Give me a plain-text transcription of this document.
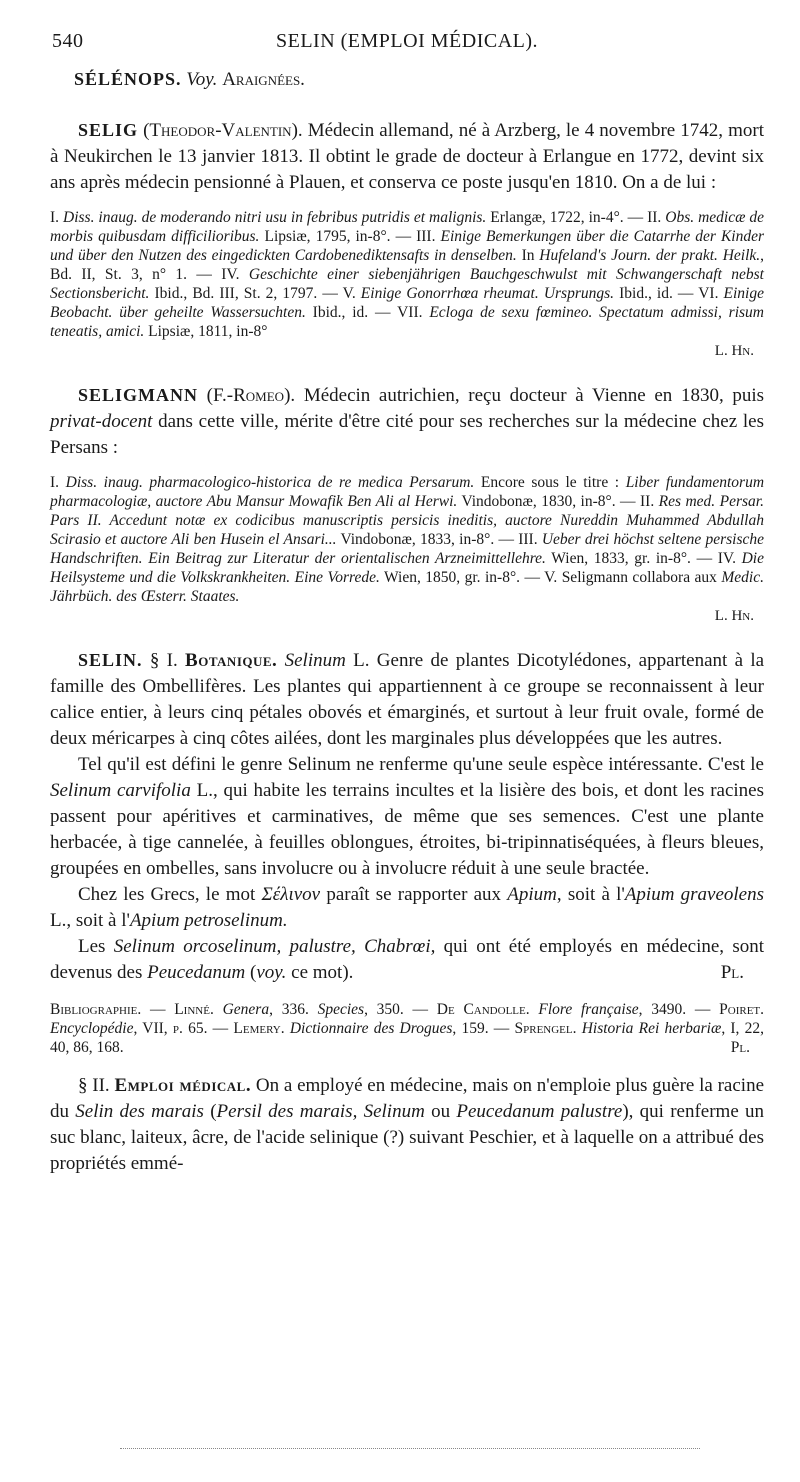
540	SELIN (EMPLOI MÉDICAL).

SÉLÉNOPS. Voy. Araignées.

SELIG (Theodor-Valentin). Médecin allemand, né à Arzberg, le 4 novembre 1742, mort à Neukirchen le 13 janvier 1813. Il obtint le grade de docteur à Erlangue en 1772, devint six ans après médecin pensionné à Plauen, et conserva ce poste jusqu'en 1810. On a de lui :

I. Diss. inaug. de moderando nitri usu in febribus putridis et malignis. Erlangæ, 1722, in-4°. — II. Obs. medicæ de morbis quibusdam difficilioribus. Lipsiæ, 1795, in-8°. — III. Einige Bemerkungen über die Catarrhe der Kinder und über den Nutzen des eingedickten Cardobenediktensafts in denselben. In Hufeland's Journ. der prakt. Heilk., Bd. II, St. 3, n° 1. — IV. Geschichte einer siebenjährigen Bauchgeschwulst mit Schwangerschaft nebst Sectionsbericht. Ibid., Bd. III, St. 2, 1797. — V. Einige Gonorrhœa rheumat. Ursprungs. Ibid., id. — VI. Einige Beobacht. über geheilte Wassersuchten. Ibid., id. — VII. Ecloga de sexu fœmineo. Spectatum admissi, risum teneatis, amici. Lipsiæ, 1811, in-8°

L. Hn.

SELIGMANN (F.-Romeo). Médecin autrichien, reçu docteur à Vienne en 1830, puis privat-docent dans cette ville, mérite d'être cité pour ses recherches sur la médecine chez les Persans :

I. Diss. inaug. pharmacologico-historica de re medica Persarum. Encore sous le titre : Liber fundamentorum pharmacologiæ, auctore Abu Mansur Mowafik Ben Ali al Herwi. Vindobonæ, 1830, in-8°. — II. Res med. Persar. Pars II. Accedunt notæ ex codicibus manuscriptis persicis ineditis, auctore Nureddin Muhammed Abdullah Scirasio et auctore Ali ben Husein el Ansari... Vindobonæ, 1833, in-8°. — III. Ueber drei höchst seltene persische Handschriften. Ein Beitrag zur Literatur der orientalischen Arzneimittellehre. Wien, 1833, gr. in-8°. — IV. Die Heilsysteme und die Volkskrankheiten. Eine Vorrede. Wien, 1850, gr. in-8°. — V. Seligmann collabora aux Medic. Jährbüch. des Œsterr. Staates.

L. Hn.

SELIN. § I. Botanique. Selinum L. Genre de plantes Dicotylédones, appartenant à la famille des Ombellifères. Les plantes qui appartiennent à ce groupe se reconnaissent à leur calice entier, à leurs cinq pétales obovés et émarginés, et surtout à leur fruit ovale, formé de deux méricarpes à cinq côtes ailées, dont les marginales plus développées que les autres.

Tel qu'il est défini le genre Selinum ne renferme qu'une seule espèce intéressante. C'est le Selinum carvifolia L., qui habite les terrains incultes et la lisière des bois, et dont les racines passent pour apéritives et carminatives, de même que ses semences. C'est une plante herbacée, à tige cannelée, à feuilles oblongues, étroites, bi-tripinnatiséquées, à fleurs bleues, groupées en ombelles, sans involucre ou à involucre réduit à une seule bractée.

Chez les Grecs, le mot Σέλινον paraît se rapporter aux Apium, soit à l'Apium graveolens L., soit à l'Apium petroselinum.

Les Selinum orcoselinum, palustre, Chabrœi, qui ont été employés en médecine, sont devenus des Peucedanum (voy. ce mot).	Pl.

Bibliographie. — Linné. Genera, 336. Species, 350. — De Candolle. Flore française, 3490. — Poiret. Encyclopédie, VII, p. 65. — Lemery. Dictionnaire des Drogues, 159. — Sprengel. Historia Rei herbariæ, I, 22, 40, 86, 168.	Pl.

§ II. Emploi médical. On a employé en médecine, mais on n'emploie plus guère la racine du Selin des marais (Persil des marais, Selinum ou Peucedanum palustre), qui renferme un suc blanc, laiteux, âcre, de l'acide selinique (?) suivant Peschier, et à laquelle on a attribué des propriétés emmé-
